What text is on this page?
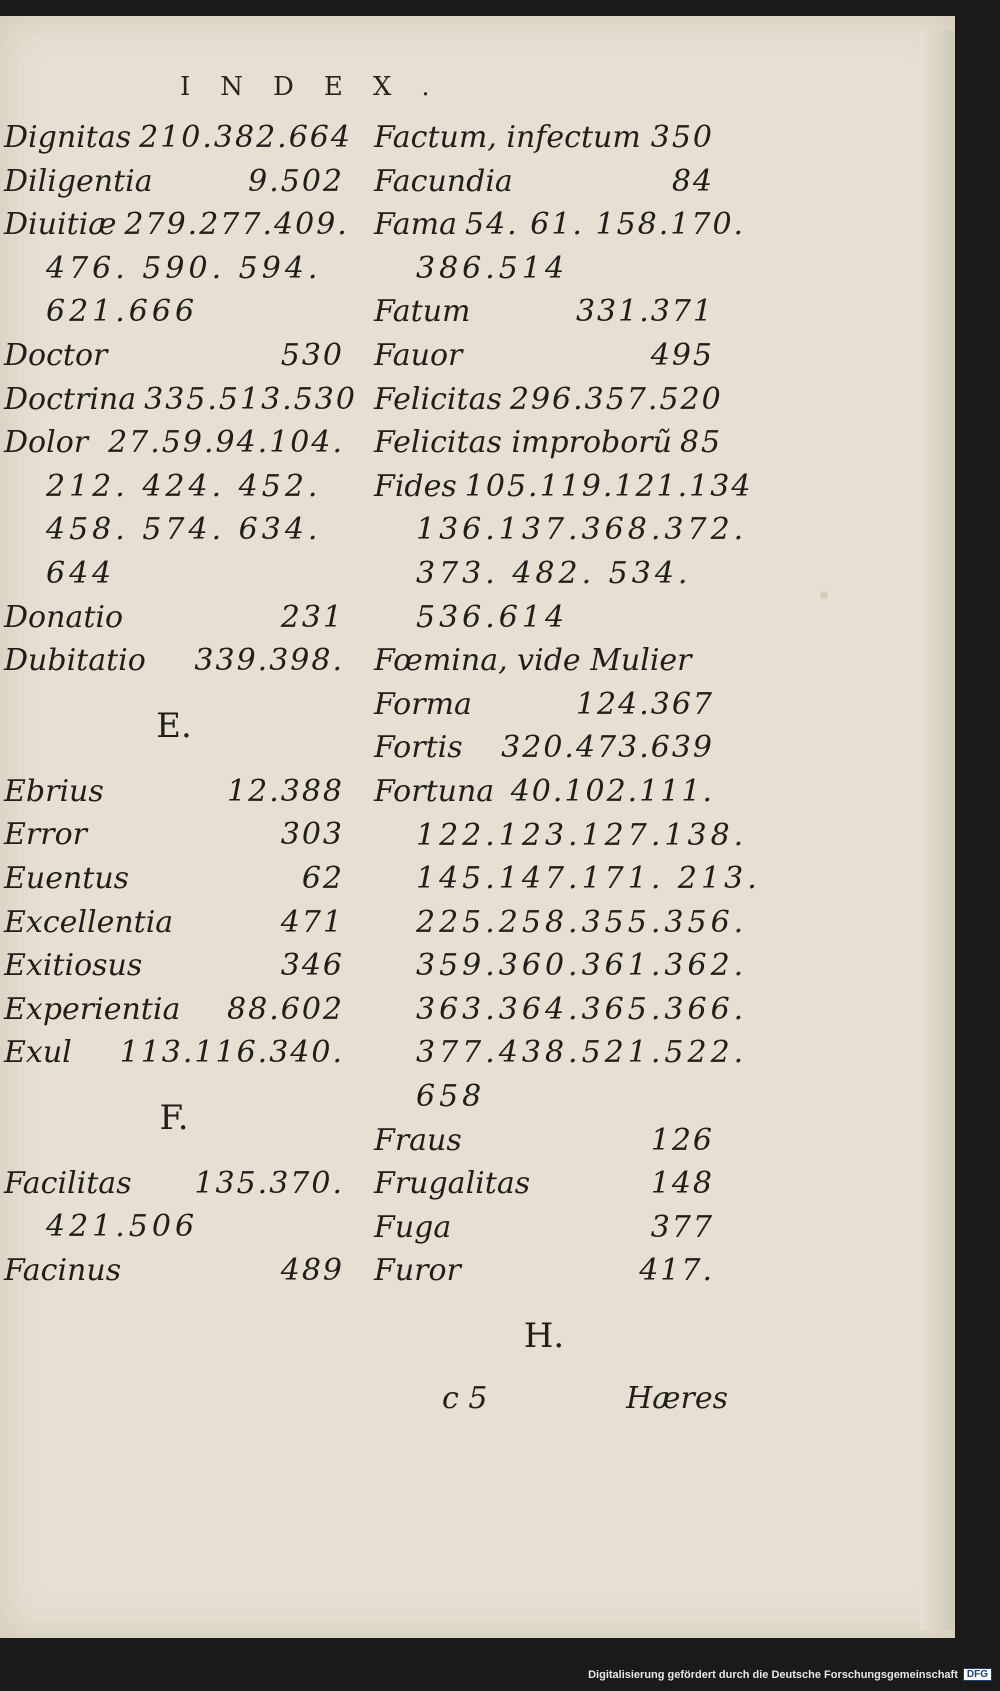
INDEX.
Dignitas 210.382.664
Diligentia	9.502
Diuitiæ 279.277.409.
476. 590. 594.
621.666
Doctor	530
Doctrina 335.513.530
Dolor 27.59.94.104.
212. 424. 452.
458. 574. 634.
644
Donatio	231
Dubitatio 339.398.
E.
Ebrius	12.388
Error	303
Euentus	62
Excellentia	471
Exitiosus	346
Experientia 88.602
Exul 113.116.340.
F.
Facilitas 135.370.
421.506
Facinus	489
Factum, infectum 350
Facundia	84
Fama 54. 61. 158.170.
386.514
Fatum	331.371
Fauor	495
Felicitas 296.357.520
Felicitas improborũ 85
Fides 105.119.121.134
136.137.368.372.
373. 482. 534.
536.614
Fœmina, vide Mulier
Forma	124.367
Fortis 320.473.639
Fortuna 40.102.111.
122.123.127.138.
145.147.171. 213.
225.258.355.356.
359.360.361.362.
363.364.365.366.
377.438.521.522.
658
Fraus	126
Frugalitas	148
Fuga	377
Furor	417.
H.
c 5	Hæres
Digitalisierung gefördert durch die Deutsche Forschungsgemeinschaft DFG
